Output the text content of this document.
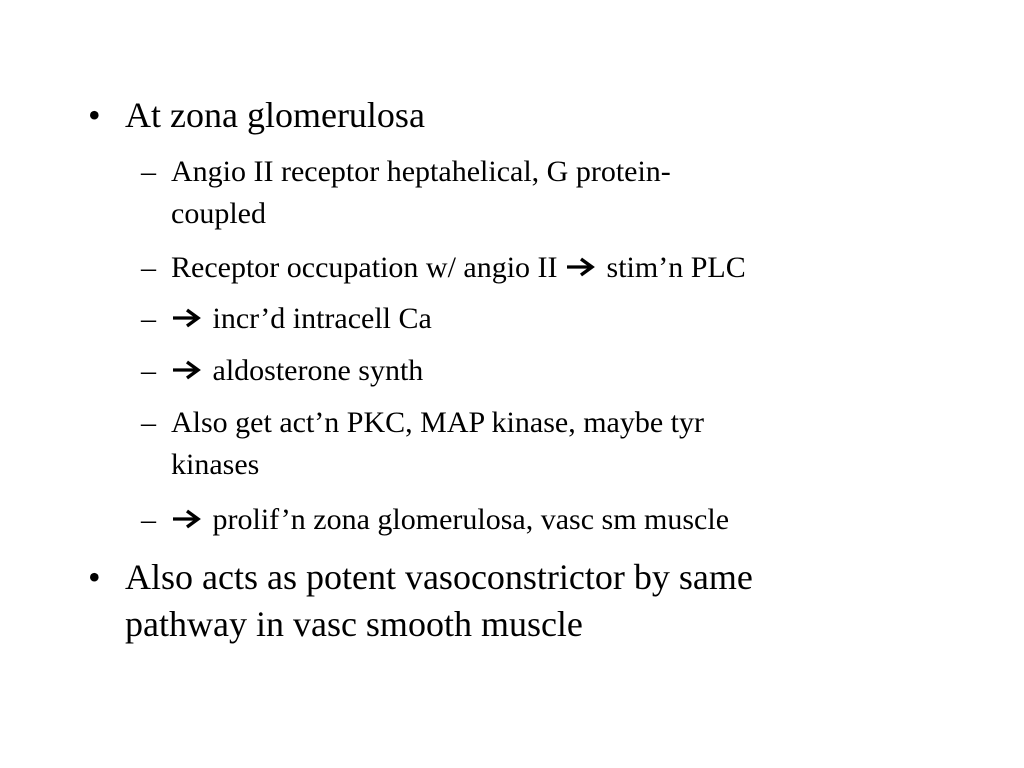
• At zona glomerulosa
– Angio II receptor heptahelical, G protein-
coupled
– Receptor occupation w/ angio II stim’n PLC
–	incr’d intracell Ca
–	aldosterone synth
– Also get act’n PKC, MAP kinase, maybe tyr
kinases
–	prolif’n zona glomerulosa, vasc sm muscle
• Also acts as potent vasoconstrictor by same
pathway in vasc smooth muscle
